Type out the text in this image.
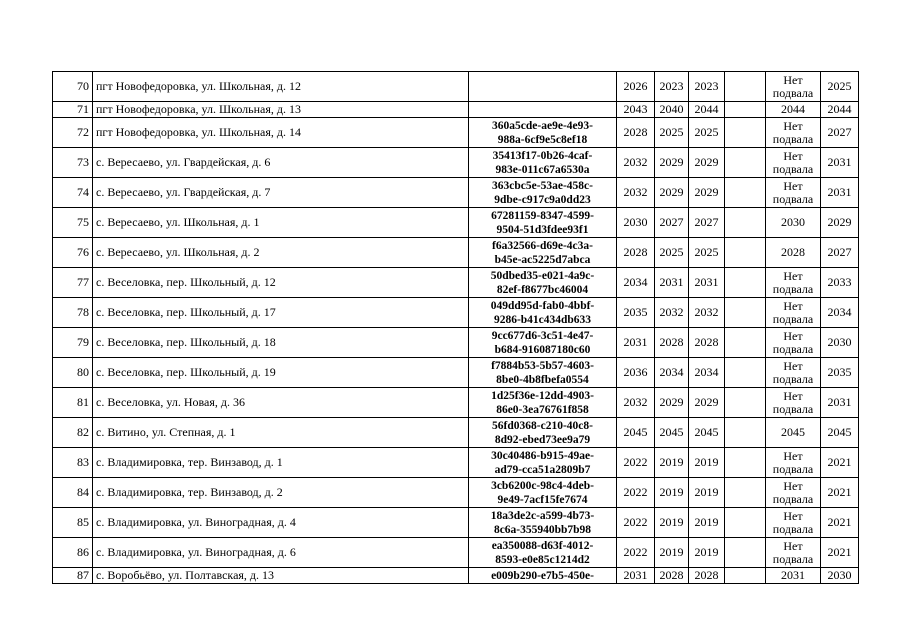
70	пгт Новофедоровка, ул. Школьная, д. 12		2026	2023	2023		Нет
подвала	2025
71	пгт Новофедоровка, ул. Школьная, д. 13		2043	2040	2044		2044	2044
72	пгт Новофедоровка, ул. Школьная, д. 14	360a5cde-ae9e-4e93-
988a-6cf9e5c8ef18	2028	2025	2025		Нет
подвала	2027
73	с. Вересаево, ул. Гвардейская, д. 6	35413f17-0b26-4caf-
983e-011c67a6530a	2032	2029	2029		Нет
подвала	2031
74	с. Вересаево, ул. Гвардейская, д. 7	363cbc5e-53ae-458c-
9dbe-c917c9a0dd23	2032	2029	2029		Нет
подвала	2031
75	с. Вересаево, ул. Школьная, д. 1	67281159-8347-4599-
9504-51d3fdee93f1	2030	2027	2027		2030	2029
76	с. Вересаево, ул. Школьная, д. 2	f6a32566-d69e-4c3a-
b45e-ac5225d7abca	2028	2025	2025		2028	2027
77	с. Веселовка, пер. Школьный, д. 12	50dbed35-e021-4a9c-
82ef-f8677bc46004	2034	2031	2031		Нет
подвала	2033
78	с. Веселовка, пер. Школьный, д. 17	049dd95d-fab0-4bbf-
9286-b41c434db633	2035	2032	2032		Нет
подвала	2034
79	с. Веселовка, пер. Школьный, д. 18	9cc677d6-3c51-4e47-
b684-916087180c60	2031	2028	2028		Нет
подвала	2030
80	с. Веселовка, пер. Школьный, д. 19	f7884b53-5b57-4603-
8be0-4b8fbefa0554	2036	2034	2034		Нет
подвала	2035
81	с. Веселовка, ул. Новая, д. 36	1d25f36e-12dd-4903-
86e0-3ea76761f858	2032	2029	2029		Нет
подвала	2031
82	с. Витино, ул. Степная, д. 1	56fd0368-c210-40c8-
8d92-ebed73ee9a79	2045	2045	2045		2045	2045
83	с. Владимировка, тер. Винзавод, д. 1	30c40486-b915-49ae-
ad79-cca51a2809b7	2022	2019	2019		Нет
подвала	2021
84	с. Владимировка, тер. Винзавод, д. 2	3cb6200c-98c4-4deb-
9e49-7acf15fe7674	2022	2019	2019		Нет
подвала	2021
85	с. Владимировка, ул. Виноградная, д. 4	18a3de2c-a599-4b73-
8c6a-355940bb7b98	2022	2019	2019		Нет
подвала	2021
86	с. Владимировка, ул. Виноградная, д. 6	ea350088-d63f-4012-
8593-e0e85c1214d2	2022	2019	2019		Нет
подвала	2021
87	с. Воробьёво, ул. Полтавская, д. 13	e009b290-e7b5-450e-	2031	2028	2028		2031	2030
